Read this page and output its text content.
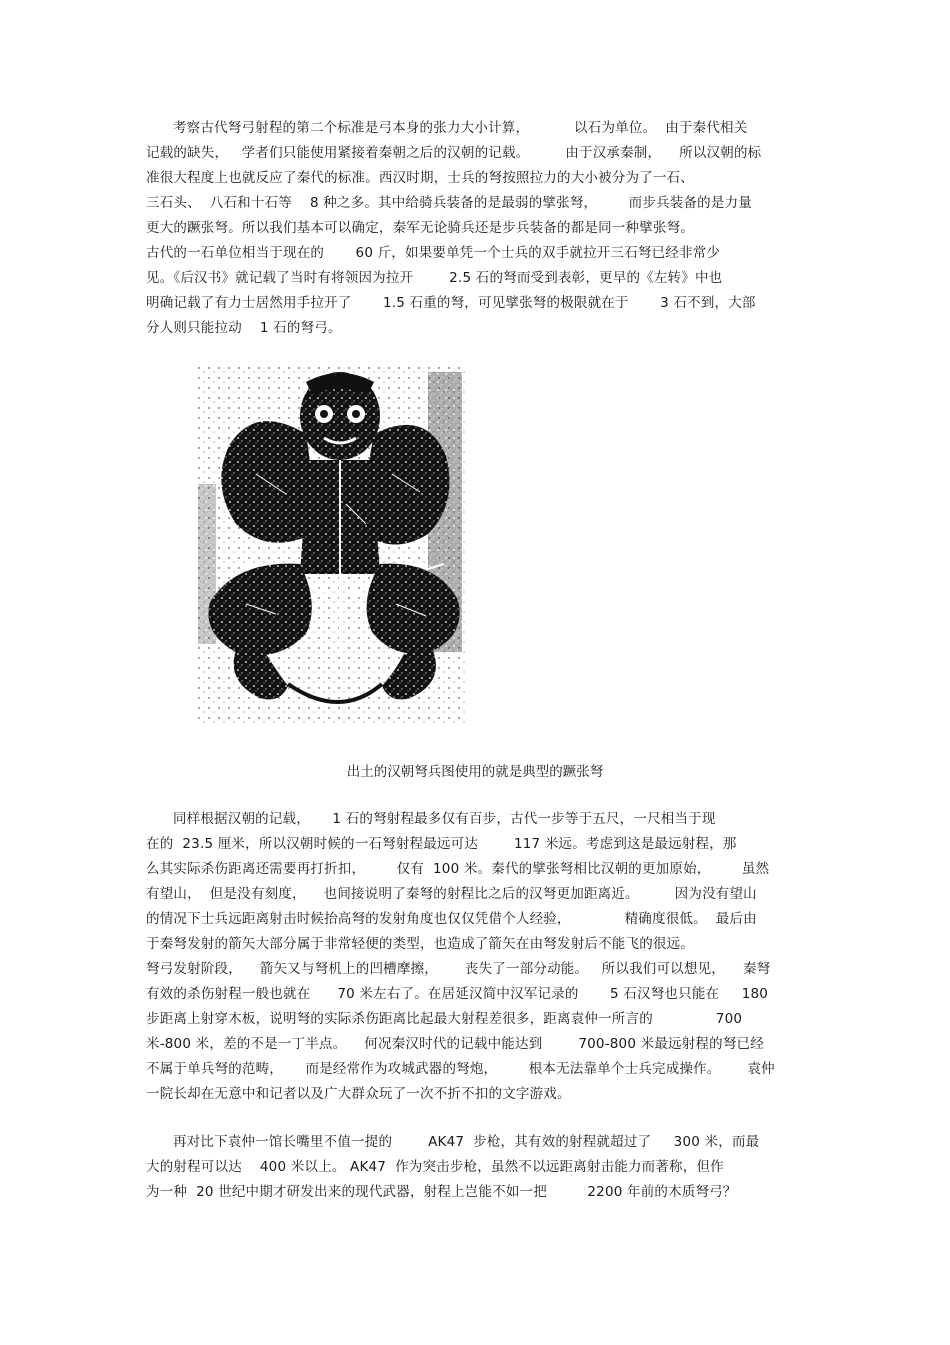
考察古代弩弓射程的第二个标准是弓本身的张力大小计算，          以石为单位。  由于秦代相关
记载的缺失，   学者们只能使用紧接着秦朝之后的汉朝的记载。        由于汉承秦制，    所以汉朝的标
准很大程度上也就反应了秦代的标准。西汉时期，士兵的弩按照拉力的大小被分为了一石、
三石头、  八石和十石等    8 种之多。其中给骑兵装备的是最弱的擘张弩，       而步兵装备的是力量
更大的蹶张弩。所以我们基本可以确定，秦军无论骑兵还是步兵装备的都是同一种擘张弩。
古代的一石单位相当于现在的       60 斤，如果要单凭一个士兵的双手就拉开三石弩已经非常少
见。《后汉书》就记载了当时有将领因为拉开        2.5 石的弩而受到表彰，更早的《左转》中也
明确记载了有力士居然用手拉开了       1.5 石重的弩，可见擘张弩的极限就在于       3 石不到，大部
分人则只能拉动    1 石的弩弓。
出土的汉朝弩兵图使用的就是典型的蹶张弩
同样根据汉朝的记载，     1 石的弩射程最多仅有百步，古代一步等于五尺，一尺相当于现
在的  23.5 厘米，所以汉朝时候的一石弩射程最远可达        117 米远。考虑到这是最远射程，那
么其实际杀伤距离还需要再打折扣，       仅有  100 米。秦代的擘张弩相比汉朝的更加原始，       虽然
有望山，  但是没有刻度，    也间接说明了秦弩的射程比之后的汉弩更加距离近。        因为没有望山
的情况下士兵远距离射击时候抬高弩的发射角度也仅仅凭借个人经验，            精确度很低。  最后由
于秦弩发射的箭矢大部分属于非常轻便的类型，也造成了箭矢在由弩发射后不能飞的很远。
弩弓发射阶段，    箭矢又与弩机上的凹槽摩擦，      丧失了一部分动能。   所以我们可以想见，    秦弩
有效的杀伤射程一般也就在      70 米左右了。在居延汉简中汉军记录的       5 石汉弩也只能在     180
步距离上射穿木板，说明弩的实际杀伤距离比起最大射程差很多，距离袁仲一所言的              700
米-800 米，差的不是一丁半点。    何况秦汉时代的记载中能达到        700-800 米最远射程的弩已经
不属于单兵弩的范畴，     而是经常作为攻城武器的弩炮，       根本无法靠单个士兵完成操作。      袁仲
一院长却在无意中和记者以及广大群众玩了一次不折不扣的文字游戏。
再对比下袁仲一馆长嘴里不值一提的        AK47  步枪，其有效的射程就超过了     300 米，而最
大的射程可以达    400 米以上。 AK47  作为突击步枪，虽然不以远距离射击能力而著称，但作
为一种  20 世纪中期才研发出来的现代武器，射程上岂能不如一把         2200 年前的木质弩弓？
